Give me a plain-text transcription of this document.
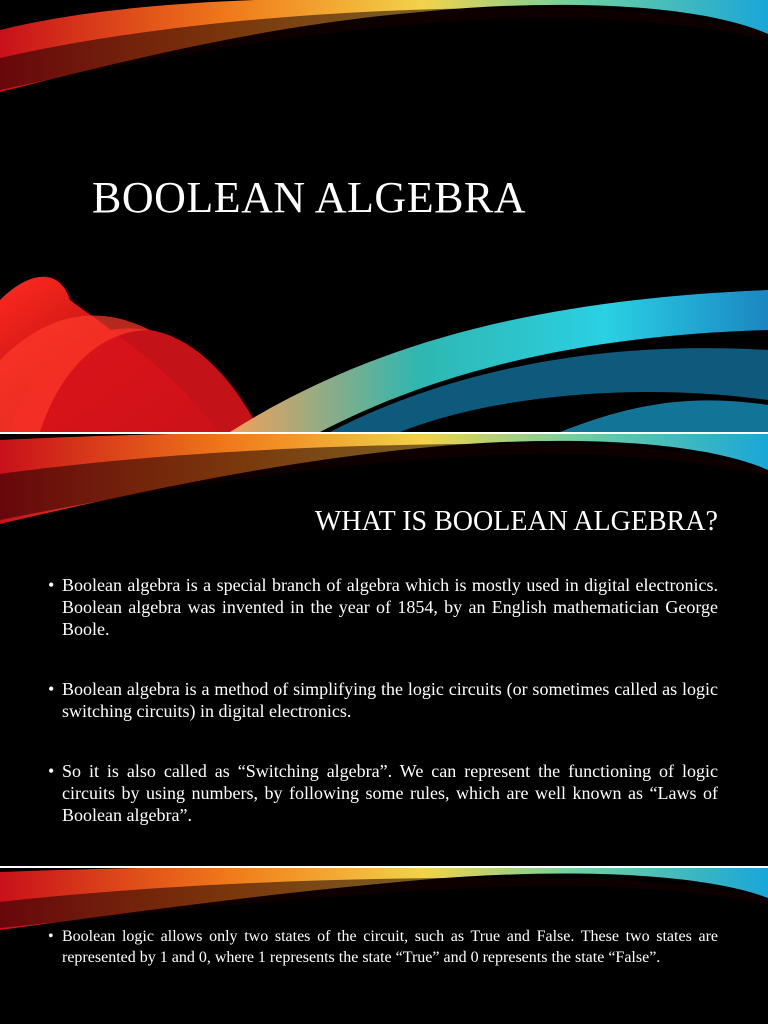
BOOLEAN ALGEBRA
WHAT IS BOOLEAN ALGEBRA?
• Boolean algebra is a special branch of algebra which is mostly used in digital electronics. Boolean algebra was invented in the year of 1854, by an English mathematician George Boole.
• Boolean algebra is a method of simplifying the logic circuits (or sometimes called as logic switching circuits) in digital electronics.
• So it is also called as “Switching algebra”. We can represent the functioning of logic circuits by using numbers, by following some rules, which are well known as “Laws of Boolean algebra”.
• Boolean logic allows only two states of the circuit, such as True and False. These two states are represented by 1 and 0, where 1 represents the state “True” and 0 represents the state “False”.
